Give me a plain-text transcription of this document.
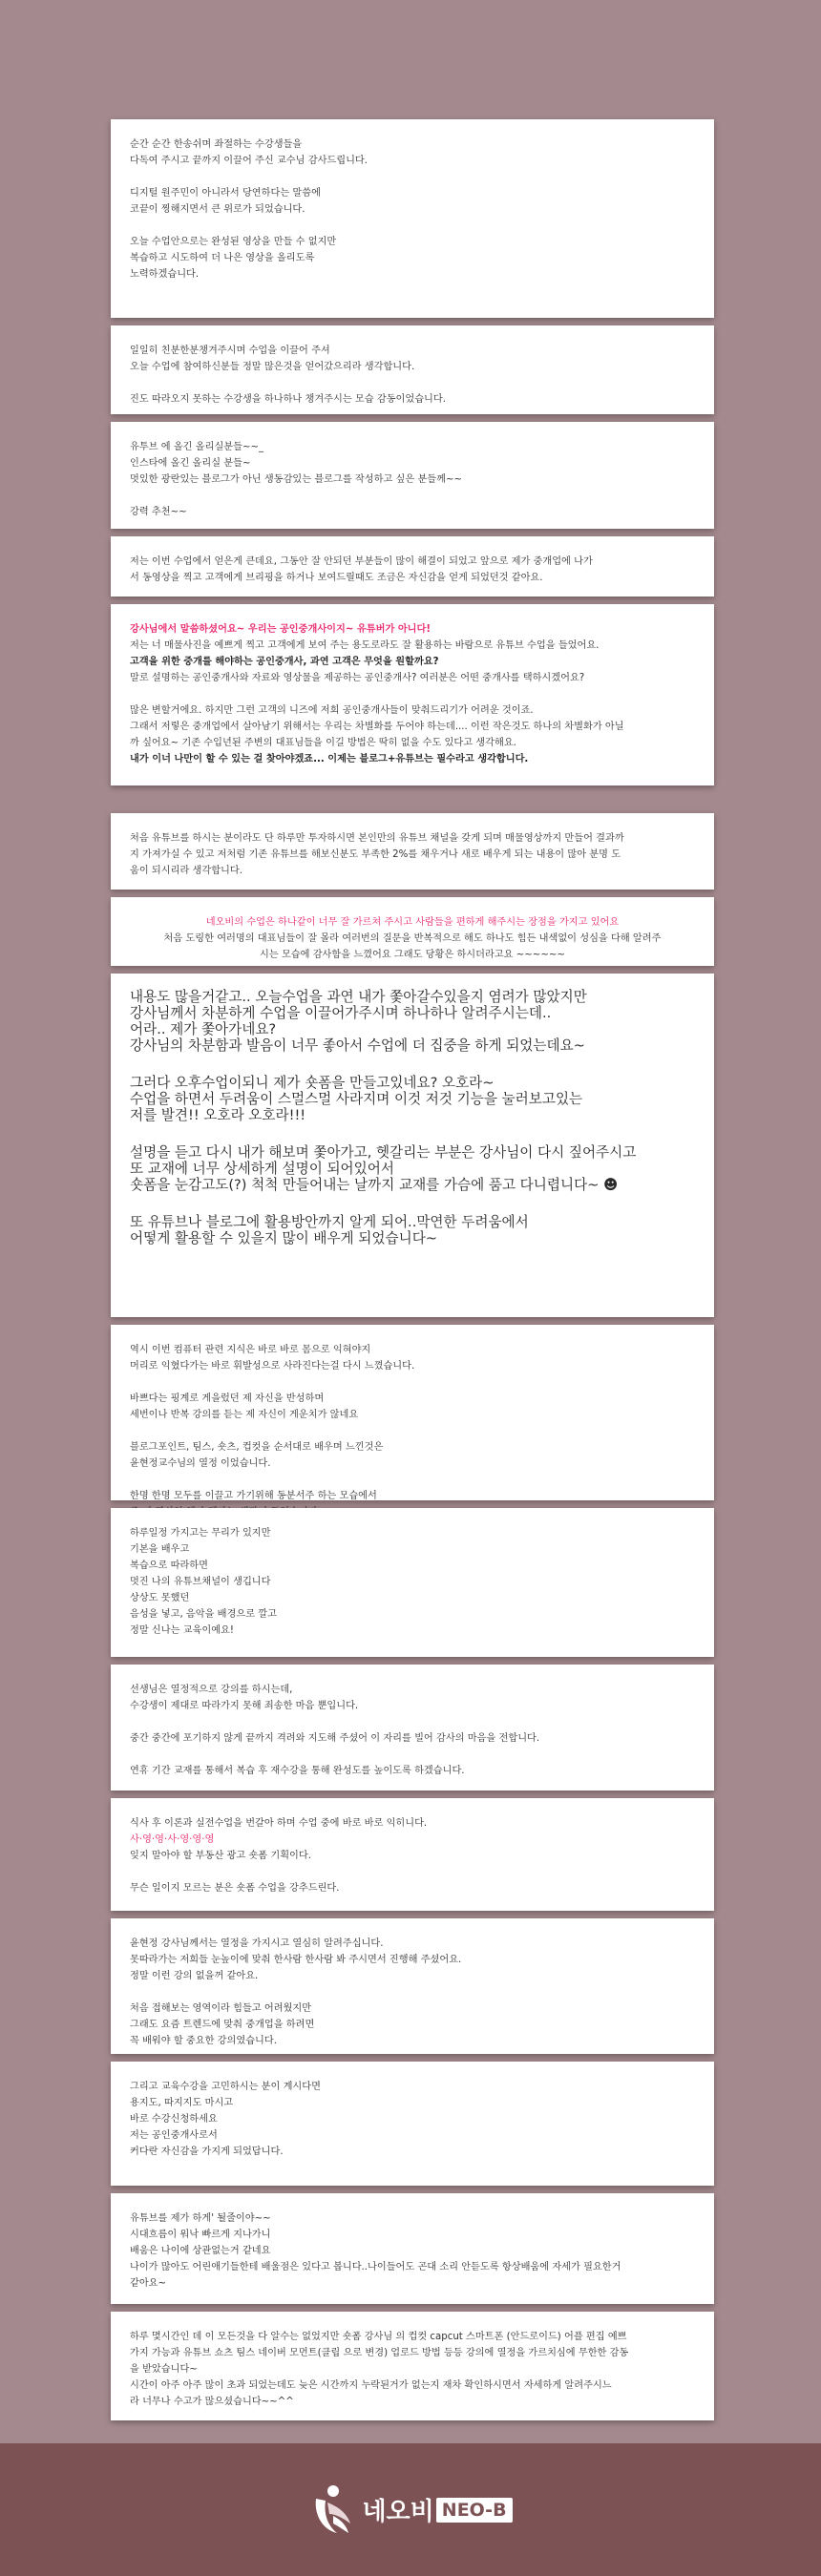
순간 순간 한송쉬며 좌절하는 수강생들을
다독여 주시고 끝까지 이끌어 주신 교수님 감사드립니다.
디지털 원주민이 아니라서 당연하다는 말씀에
코끝이 찡해지면서 큰 위로가 되었습니다.
오늘 수업안으로는 완성된 영상을 만들 수 없지만
복습하고 시도하여 더 나은 영상을 올리도록
노력하겠습니다.
일일히 친분한분챙겨주시며 수업을 이끌어 주셔
오늘 수업에 참여하신분들 정말 많은것을 얻어갔으리라 생각합니다.
진도 따라오지 못하는 수강생을 하나하나 챙겨주시는 모습 감동이었습니다.
유투브 에 올긴 올리실분들~~_
인스타에 올긴 올리실 분들~
멋있한 광란있는 블로그가 아닌 생동감있는 블로그를 작성하고 싶은 분들께~~
강력 추천~~
저는 이번 수업에서 얻은게 큰데요, 그동안 잘 안되던 부분들이 많이 해결이 되었고 앞으로 제가 중개업에 나가
서 동영상을 찍고 고객에게 브리핑을 하거나 보여드릴때도 조금은 자신감을 얻게 되었던것 같아요.
강사님에서 말씀하셨어요~ 우리는 공인중개사이지~ 유튜버가 아니다!
저는 너 매물사진을 예쁘게 찍고 고객에게 보여 주는 용도로라도 잘 활용하는 바람으로 유튜브 수업을 들었어요.
고객을 위한 중개를 해야하는 공인중개사, 과연 고객은 무엇을 원할까요?
말로 설명하는 공인중개사와 자료와 영상물을 제공하는 공인중개사? 여러분은 어떤 중개사를 택하시겠어요?
많은 변할거에요. 하지만 그런 고객의 니즈에 저희 공인중개사들이 맞춰드리기가 어려운 것이죠.
그래서 저렇은 중개업에서 살아남기 위해서는 우리는 차별화를 두어야 하는데.... 이런 작은것도 하나의 차별화가 아닐
까 싶어요~ 기존 수입년된 주변의 대표님들을 이길 방법은 딱히 없을 수도 있다고 생각해요.
내가 이너 나만이 할 수 있는 걸 찾아야겠죠... 이제는 블로그+유튜브는 필수라고 생각합니다.
처음 유튜브를 하시는 분이라도 단 하루만 투자하시면 본인만의 유튜브 채널을 갖게 되며 매물영상까지 만들어 결과까
지 가져가실 수 있고 저처럼 기존 유튜브를 해보신분도 부족한 2%를 채우거나 새로 배우게 되는 내용이 많아 분명 도
움이 되시리라 생각합니다.
네오비의 수업은 하나같이 너무 잘 가르쳐 주시고 사람들을 편하게 해주시는 장점을 가지고 있어요
처음 도링한 여러명의 대표님들이 잘 몰라 여러번의 질문을 반복적으로 해도 하나도 힘든 내색없이 성심을 다해 알려주
시는 모습에 감사함을 느꼈어요 그래도 당황은 하시더라고요 ~~~~~~
내용도 많을거같고.. 오늘수업을 과연 내가 쫓아갈수있을지 염려가 많았지만
강사님께서 차분하게 수업을 이끌어가주시며 하나하나 알려주시는데..
어라.. 제가 쫓아가네요?
강사님의 차분함과 발음이 너무 좋아서 수업에 더 집중을 하게 되었는데요~
그러다 오후수업이되니 제가 숏폼을 만들고있네요? 오호라~
수업을 하면서 두려움이 스멀스멀 사라지며 이것 저것 기능을 눌러보고있는
저를 발견!! 오호라 오호라!!!
설명을 듣고 다시 내가 해보며 쫓아가고, 헷갈리는 부분은 강사님이 다시 짚어주시고
또 교재에 너무 상세하게 설명이 되어있어서
숏폼을 눈감고도(?) 척척 만들어내는 날까지 교재를 가슴에 품고 다니렵니다~ ☻
또 유튜브나 블로그에 활용방안까지 알게 되어..막연한 두려움에서
어떻게 활용할 수 있을지 많이 배우게 되었습니다~
역시 이번 컴퓨터 관련 지식은 바로 바로 몸으로 익혀야지
머리로 익혔다가는 바로 휘발성으로 사라진다는걸 다시 느꼈습니다.
바쁘다는 핑계로 게을렀던 제 자신을 반성하며
세번이나 반복 강의를 듣는 제 자신이 게운치가 않네요
블로그포인트, 팀스, 숏츠, 컵컷을 순서대로 배우며 느낀것은
윤현정교수님의 열정 이었습니다.
한명 한명 모두를 이끌고 가기위해 동분서주 하는 모습에서
하루일정 가지고는 무리가 있지만
기본을 배우고
복습으로 따라하면
멋진 나의 유튜브채널이 생깁니다
상상도 못했던
음성을 넣고, 음악을 배경으로 깔고
정말 신나는 교육이예요!
선생님은 열정적으로 강의를 하시는데,
수강생이 제대로 따라가지 못해 죄송한 마음 뿐입니다.
중간 중간에 포기하지 않게 끝까지 격려와 지도해 주셨어 이 자리를 빌어 감사의 마음을 전합니다.
연휴 기간 교재를 통해서 복습 후 재수강을 통해 완성도를 높이도록 하겠습니다.
식사 후 이론과 실전수업을 번갈아 하며 수업 중에 바로 바로 익히니다.
사·영·영·사·영·영·영
잊지 말아야 할 부동산 광고 숏폼 기획이다.
무슨 일이지 모르는 분은 숏폼 수업을 강추드린다.
윤현정 강사님께서는 열정을 가지시고 열심히 알려주십니다.
못따라가는 저희들 눈높이에 맞춰 한사람 한사람 봐 주시면서 진행해 주셨어요.
정말 이런 강의 없을꺼 같아요.
처음 접해보는 영역이라 힘들고 어려웠지만
그래도 요즘 트렌드에 맞춰 중개업을 하려면
꼭 배워야 할 중요한 강의였습니다.
그리고 교육수강을 고민하시는 분이 계시다면
용지도, 따지지도 마시고
바로 수강신청하세요
저는 공인중개사로서
커다란 자신감을 가지게 되었답니다.
유튜브를 제가 하게' 될줄이야~~
시대흐름이 워낙 빠르게 지나가니
배움은 나이에 상관없는거 같네요
나이가 많아도 어린애기들한테 배울점은 있다고 봅니다..나이들어도 곤대 소리 안듣도록 항상배움에 자세가 필요한거
같아요~
하루 몇시간인 데 이 모든것을 다 알수는 없었지만 숏폼 강사님 의 컵컷 capcut 스마트폰 (안드로이드) 어플 편집 예쁘
가지 가능과 유튜브 쇼츠 팀스 네이버 모먼트(클립 으로 변경) 업로드 방법 등등 강의에 열정을 가르치심에 무한한 감동
을 받았습니다~
시간이 아주 아주 많이 초과 되었는데도 늦은 시간까지 누락된거가 없는지 재차 확인하시면서 자세하게 알려주시느
라 너무나 수고가 많으셨습니다~~^^
네오비 NEO-B
